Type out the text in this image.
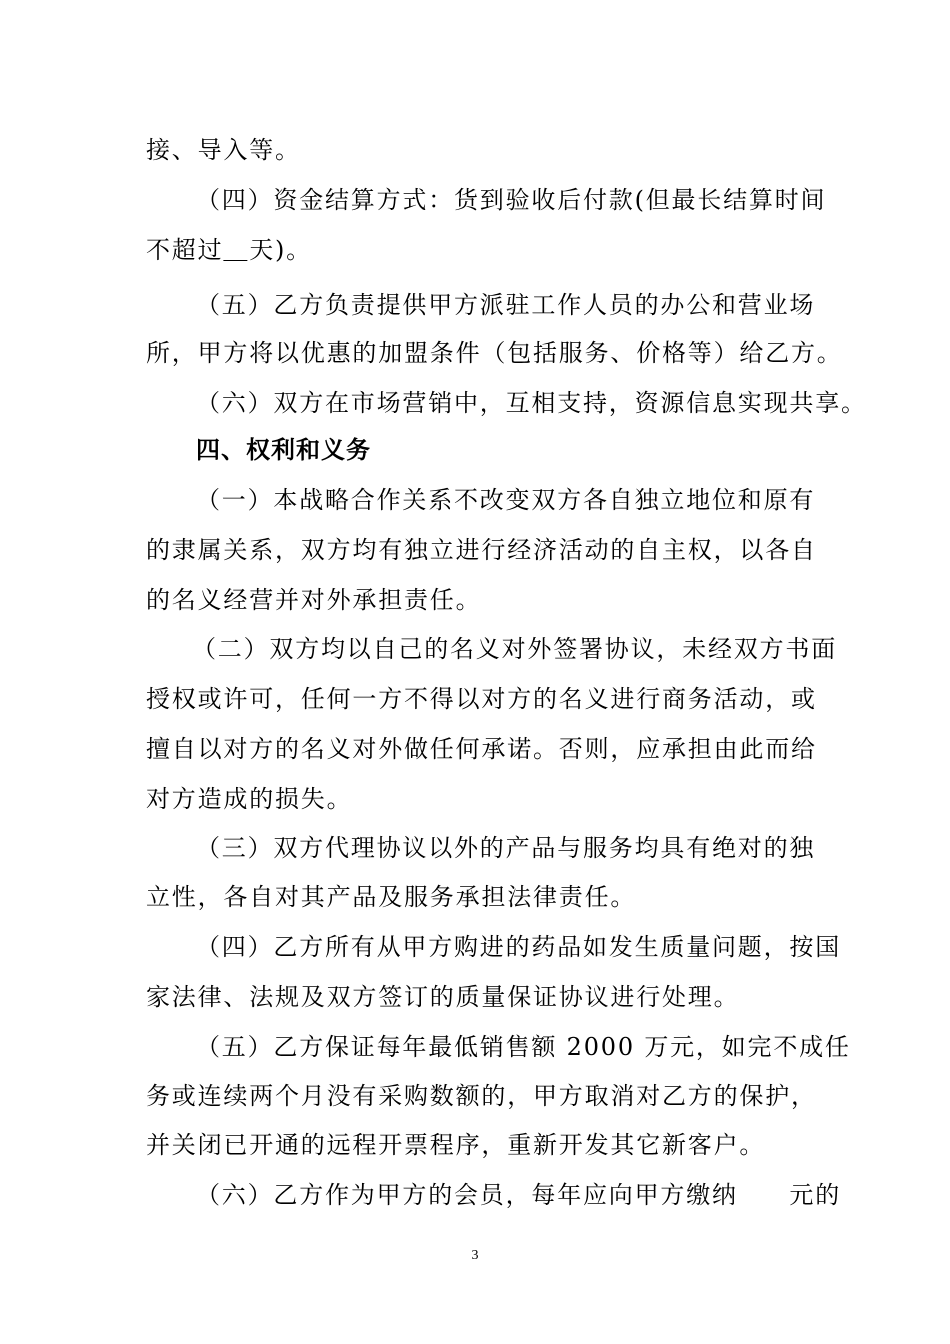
接、导入等。
（四）资金结算方式：货到验收后付款(但最长结算时间
不超过＿天)。
（五）乙方负责提供甲方派驻工作人员的办公和营业场
所，甲方将以优惠的加盟条件（包括服务、价格等）给乙方。
（六）双方在市场营销中，互相支持，资源信息实现共享。
四、权利和义务
（一）本战略合作关系不改变双方各自独立地位和原有
的隶属关系，双方均有独立进行经济活动的自主权，以各自
的名义经营并对外承担责任。
（二）双方均以自己的名义对外签署协议，未经双方书面
授权或许可，任何一方不得以对方的名义进行商务活动，或
擅自以对方的名义对外做任何承诺。否则，应承担由此而给
对方造成的损失。
（三）双方代理协议以外的产品与服务均具有绝对的独
立性，各自对其产品及服务承担法律责任。
（四）乙方所有从甲方购进的药品如发生质量问题，按国
家法律、法规及双方签订的质量保证协议进行处理。
（五）乙方保证每年最低销售额 2000 万元，如完不成任
务或连续两个月没有采购数额的，甲方取消对乙方的保护，
并关闭已开通的远程开票程序，重新开发其它新客户。
（六）乙方作为甲方的会员，每年应向甲方缴纳　　元的
3
